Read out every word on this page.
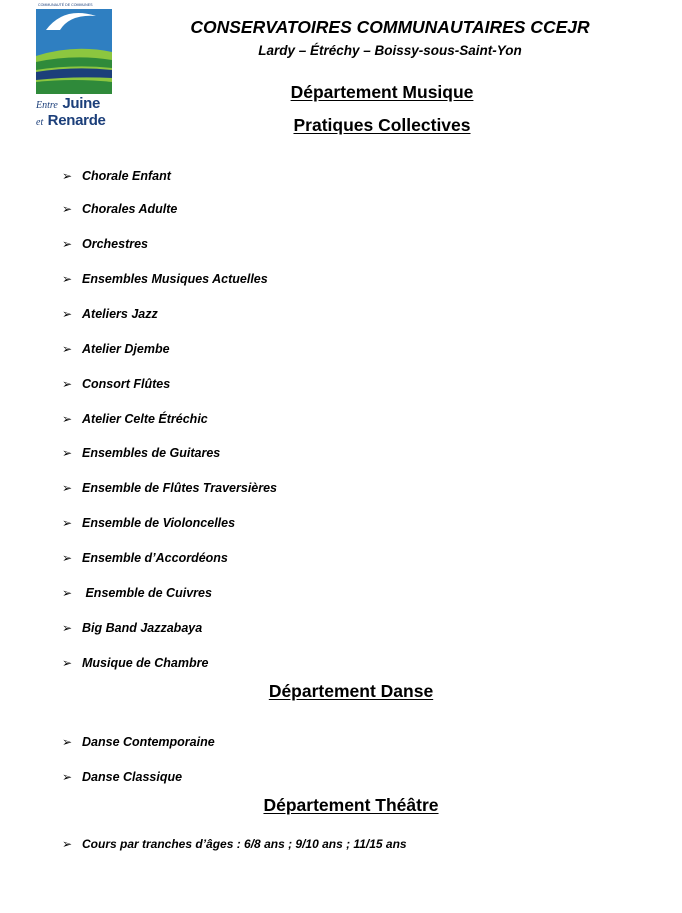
COMMUNAUTÉ DE COMMUNES
Entre Juine
et Renarde
CONSERVATOIRES COMMUNAUTAIRES CCEJR
Lardy – Étréchy – Boissy-sous-Saint-Yon
Département Musique
Pratiques Collectives
➢ Chorale Enfant
➢ Chorales Adulte
➢ Orchestres
➢ Ensembles Musiques Actuelles
➢ Ateliers Jazz
➢ Atelier Djembe
➢ Consort Flûtes
➢ Atelier Celte Étréchic
➢ Ensembles de Guitares
➢ Ensemble de Flûtes Traversières
➢ Ensemble de Violoncelles
➢ Ensemble d’Accordéons
➢ Ensemble de Cuivres
➢ Big Band Jazzabaya
➢ Musique de Chambre
Département Danse
➢ Danse Contemporaine
➢ Danse Classique
Département Théâtre
➢ Cours par tranches d’âges : 6/8 ans ; 9/10 ans ; 11/15 ans
